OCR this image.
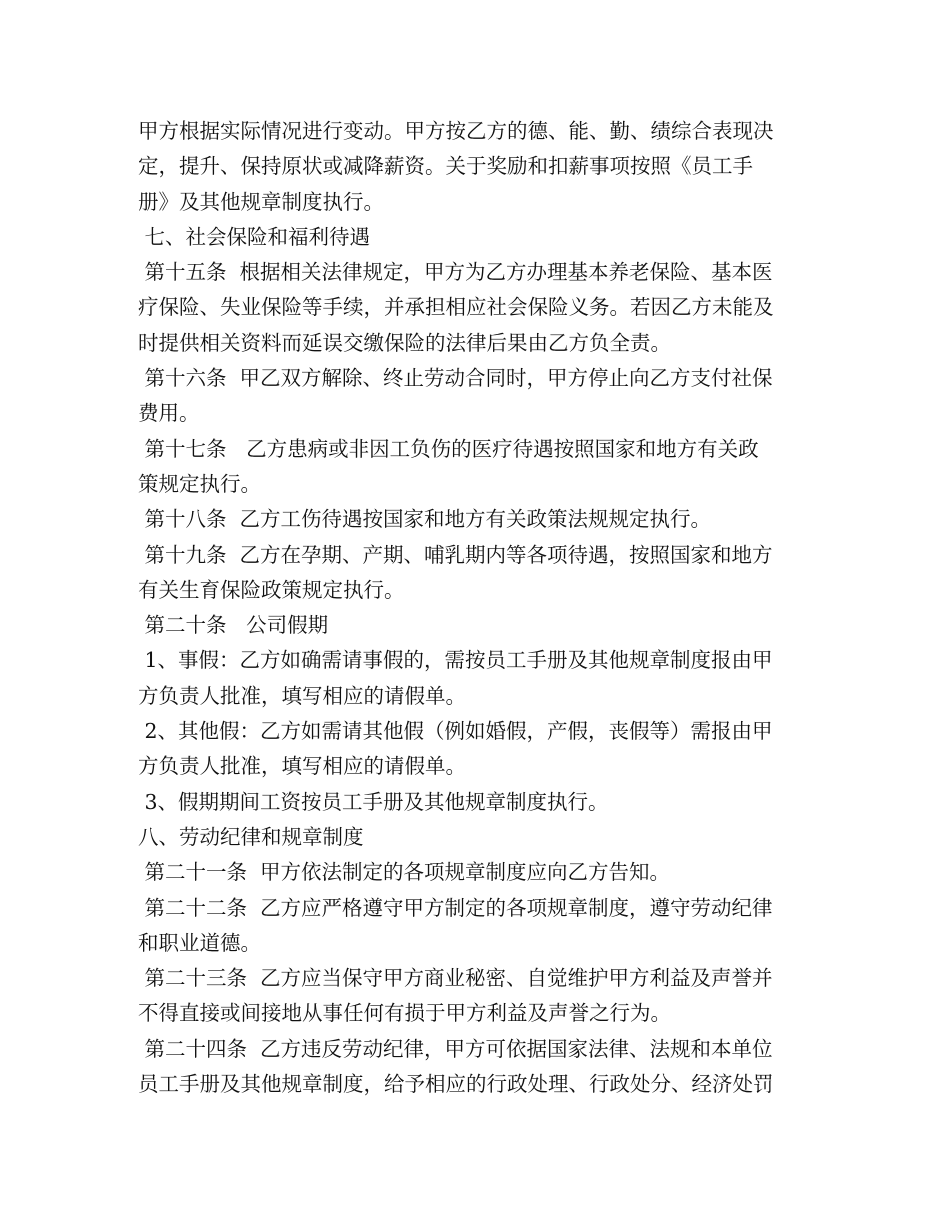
甲方根据实际情况进行变动。甲方按乙方的德、能、勤、绩综合表现决
定，提升、保持原状或减降薪资。关于奖励和扣薪事项按照《员工手
册》及其他规章制度执行。
七、社会保险和福利待遇
第十五条  根据相关法律规定，甲方为乙方办理基本养老保险、基本医
疗保险、失业保险等手续，并承担相应社会保险义务。若因乙方未能及
时提供相关资料而延误交缴保险的法律后果由乙方负全责。
第十六条  甲乙双方解除、终止劳动合同时，甲方停止向乙方支付社保
费用。
第十七条   乙方患病或非因工负伤的医疗待遇按照国家和地方有关政
策规定执行。
第十八条  乙方工伤待遇按国家和地方有关政策法规规定执行。
第十九条  乙方在孕期、产期、哺乳期内等各项待遇，按照国家和地方
有关生育保险政策规定执行。
第二十条   公司假期
1、事假：乙方如确需请事假的，需按员工手册及其他规章制度报由甲
方负责人批准，填写相应的请假单。
2、其他假：乙方如需请其他假（例如婚假，产假，丧假等）需报由甲
方负责人批准，填写相应的请假单。
3、假期期间工资按员工手册及其他规章制度执行。
八、劳动纪律和规章制度
第二十一条  甲方依法制定的各项规章制度应向乙方告知。
第二十二条  乙方应严格遵守甲方制定的各项规章制度，遵守劳动纪律
和职业道德。
第二十三条  乙方应当保守甲方商业秘密、自觉维护甲方利益及声誉并
不得直接或间接地从事任何有损于甲方利益及声誉之行为。
第二十四条  乙方违反劳动纪律，甲方可依据国家法律、法规和本单位
员工手册及其他规章制度，给予相应的行政处理、行政处分、经济处罚
